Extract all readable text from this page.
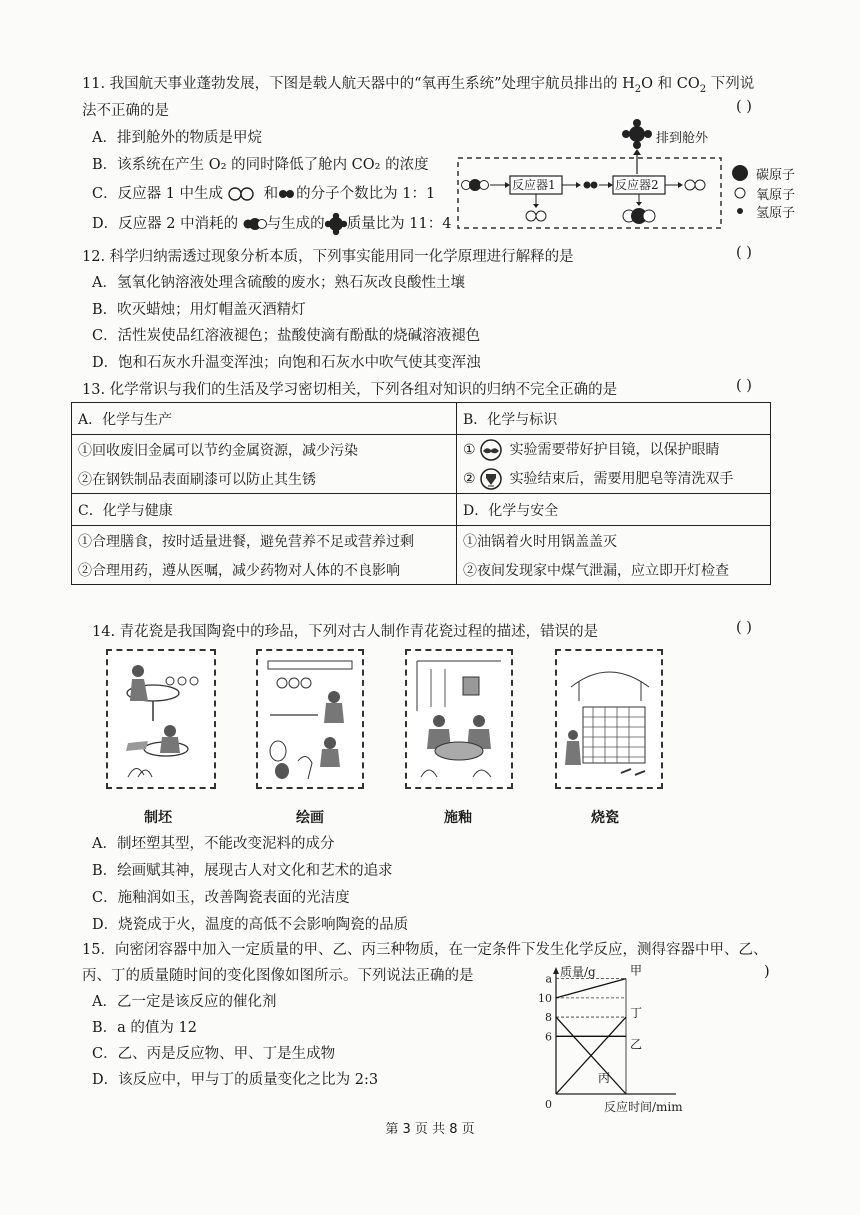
11. 我国航天事业蓬勃发展，下图是载人航天器中的“氧再生系统”处理宇航员排出的 $H_2O$ 和 $CO_2$ 下列说
法不正确的是	( )
A．排到舱外的物质是甲烷
B．该系统在产生 O₂ 的同时降低了舱内 CO₂ 的浓度
C．反应器 1 中生成	和 的分子个数比为 1：1
D．反应器 2 中消耗的 与生成的 质量比为 11：4
反应器1	反应器2
排到舱外
碳原子
氧原子
氢原子
12. 科学归纳需透过现象分析本质，下列事实能用同一化学原理进行解释的是	( )
A．氢氧化钠溶液处理含硫酸的废水；熟石灰改良酸性土壤
B．吹灭蜡烛；用灯帽盖灭酒精灯
C．活性炭使品红溶液褪色；盐酸使滴有酚酞的烧碱溶液褪色
D．饱和石灰水升温变浑浊；向饱和石灰水中吹气使其变浑浊
13. 化学常识与我们的生活及学习密切相关，下列各组对知识的归纳不完全正确的是	( )
A．化学与生产	B．化学与标识
①回收废旧金属可以节约金属资源，减少污染	① 实验需要带好护目镜，以保护眼睛
②在钢铁制品表面刷漆可以防止其生锈	② 实验结束后，需要用肥皂等清洗双手
C．化学与健康	D．化学与安全
①合理膳食，按时适量进餐，避免营养不足或营养过剩	①油锅着火时用锅盖盖灭
②合理用药，遵从医嘱，减少药物对人体的不良影响	②夜间发现家中煤气泄漏，应立即开灯检查
14. 青花瓷是我国陶瓷中的珍品，下列对古人制作青花瓷过程的描述，错误的是	( )
制坯	绘画	施釉	烧瓷
A．制坯塑其型，不能改变泥料的成分
B．绘画赋其神，展现古人对文化和艺术的追求
C．施釉润如玉，改善陶瓷表面的光洁度
D．烧瓷成于火，温度的高低不会影响陶瓷的品质
15．向密闭容器中加入一定质量的甲、乙、丙三种物质，在一定条件下发生化学反应，测得容器中甲、乙、
丙、丁的质量随时间的变化图像如图所示。下列说法正确的是	)
A．乙一定是该反应的催化剂
B．a 的值为 12
C．乙、丙是反应物、甲、丁是生成物
D．该反应中，甲与丁的质量变化之比为 2:3
质量/g
反应时间/mim
0
a
10
8
6
甲
丁
乙
丙
第 3 页 共 8 页
